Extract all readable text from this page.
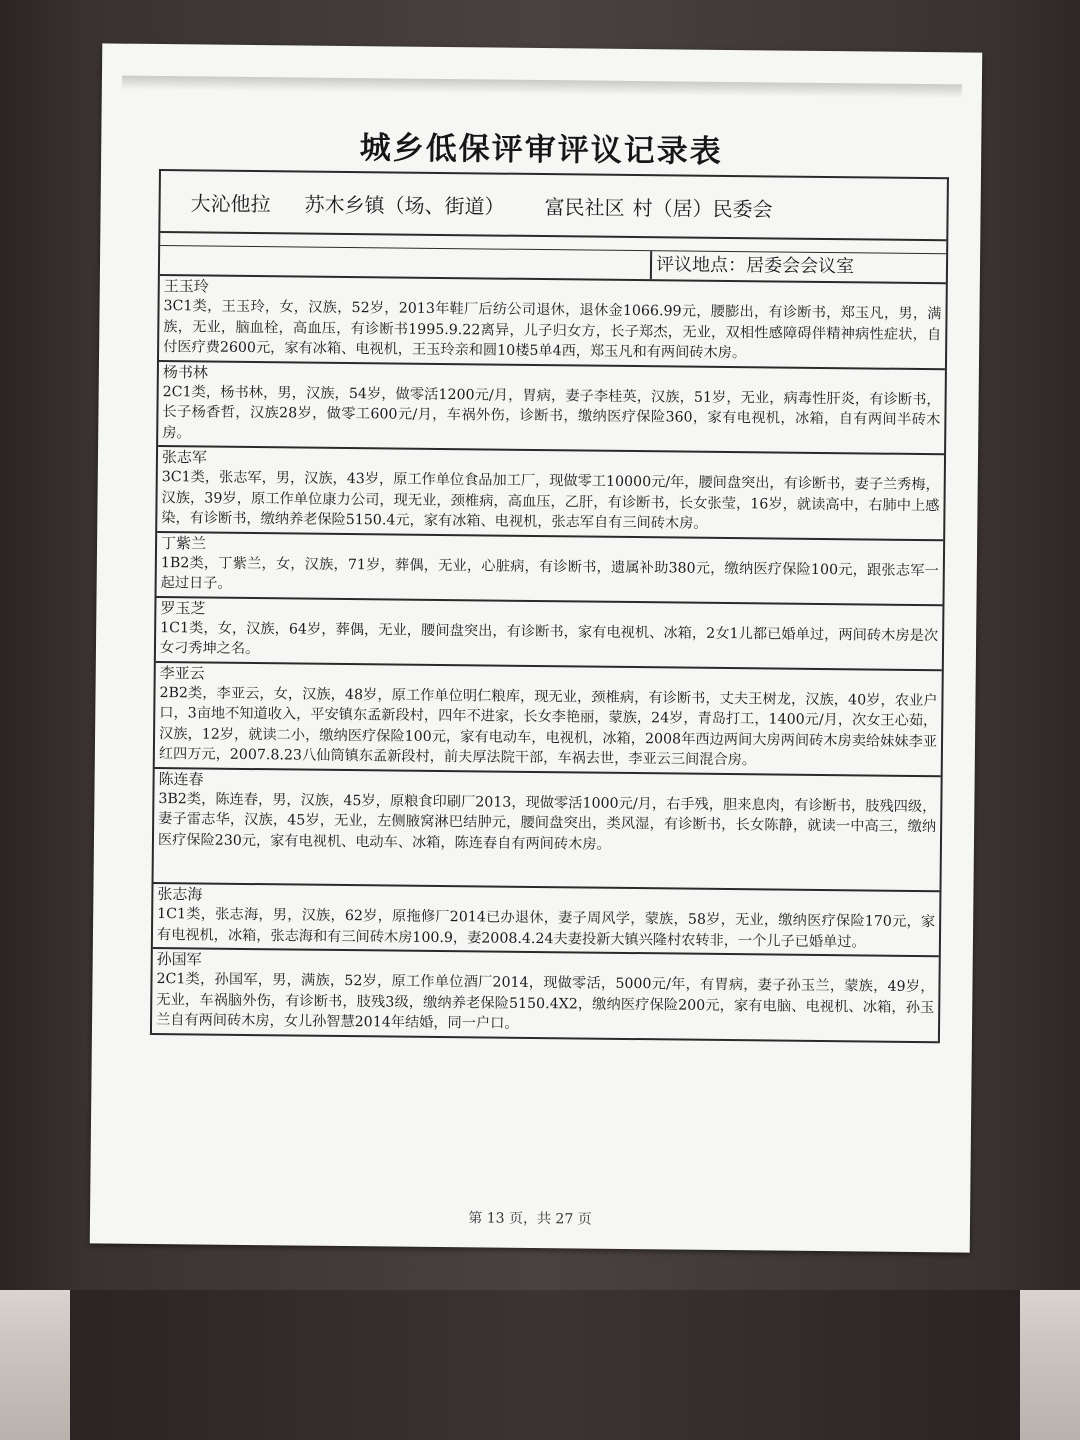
城乡低保评审评议记录表
大沁他拉 苏木乡镇（场、街道） 富民社区 村（居）民委会
评议地点：居委会会议室
王玉玲
3C1类，王玉玲，女，汉族，52岁，2013年鞋厂后纺公司退休，退休金1066.99元，腰膨出，有诊断书，郑玉凡，男，满族，无业，脑血栓，高血压，有诊断书1995.9.22离异，儿子归女方，长子郑杰，无业，双相性感障碍伴精神病性症状，自付医疗费2600元，家有冰箱、电视机，王玉玲亲和圆10楼5单4西，郑玉凡和有两间砖木房。
杨书林
2C1类，杨书林，男，汉族，54岁，做零活1200元/月，胃病，妻子李桂英，汉族，51岁，无业，病毒性肝炎，有诊断书，长子杨香哲，汉族28岁，做零工600元/月，车祸外伤，诊断书，缴纳医疗保险360，家有电视机，冰箱，自有两间半砖木房。
张志军
3C1类，张志军，男，汉族，43岁，原工作单位食品加工厂，现做零工10000元/年，腰间盘突出，有诊断书，妻子兰秀梅，汉族，39岁，原工作单位康力公司，现无业，颈椎病，高血压，乙肝，有诊断书，长女张莹，16岁，就读高中，右肺中上感染，有诊断书，缴纳养老保险5150.4元，家有冰箱、电视机，张志军自有三间砖木房。
丁紫兰
1B2类，丁紫兰，女，汉族，71岁，葬偶，无业，心脏病，有诊断书，遗属补助380元，缴纳医疗保险100元，跟张志军一起过日子。
罗玉芝
1C1类，女，汉族，64岁，葬偶，无业，腰间盘突出，有诊断书，家有电视机、冰箱，2女1儿都已婚单过，两间砖木房是次女刁秀坤之名。
李亚云
2B2类，李亚云，女，汉族，48岁，原工作单位明仁粮库，现无业，颈椎病，有诊断书，丈夫王树龙，汉族，40岁，农业户口，3亩地不知道收入，平安镇东孟新段村，四年不进家，长女李艳丽，蒙族，24岁，青岛打工，1400元/月，次女王心茹，汉族，12岁，就读二小，缴纳医疗保险100元，家有电动车，电视机，冰箱，2008年西边两间大房两间砖木房卖给妹妹李亚红四万元，2007.8.23八仙筒镇东孟新段村，前夫厚法院干部，车祸去世，李亚云三间混合房。
陈连春
3B2类，陈连春，男，汉族，45岁，原粮食印刷厂2013，现做零活1000元/月，右手残，胆来息肉，有诊断书，肢残四级，妻子雷志华，汉族，45岁，无业，左侧腋窝淋巴结肿元，腰间盘突出，类风湿，有诊断书，长女陈静，就读一中高三，缴纳医疗保险230元，家有电视机、电动车、冰箱，陈连春自有两间砖木房。
张志海
1C1类，张志海，男，汉族，62岁，原拖修厂2014已办退休，妻子周风学，蒙族，58岁，无业，缴纳医疗保险170元，家有电视机，冰箱，张志海和有三间砖木房100.9，妻2008.4.24夫妻投新大镇兴隆村农转非，一个儿子已婚单过。
孙国军
2C1类，孙国军，男，满族，52岁，原工作单位酒厂2014，现做零活，5000元/年，有胃病，妻子孙玉兰，蒙族，49岁，无业，车祸脑外伤，有诊断书，肢残3级，缴纳养老保险5150.4X2，缴纳医疗保险200元，家有电脑、电视机、冰箱，孙玉兰自有两间砖木房，女儿孙智慧2014年结婚，同一户口。
第 13 页，共 27 页
